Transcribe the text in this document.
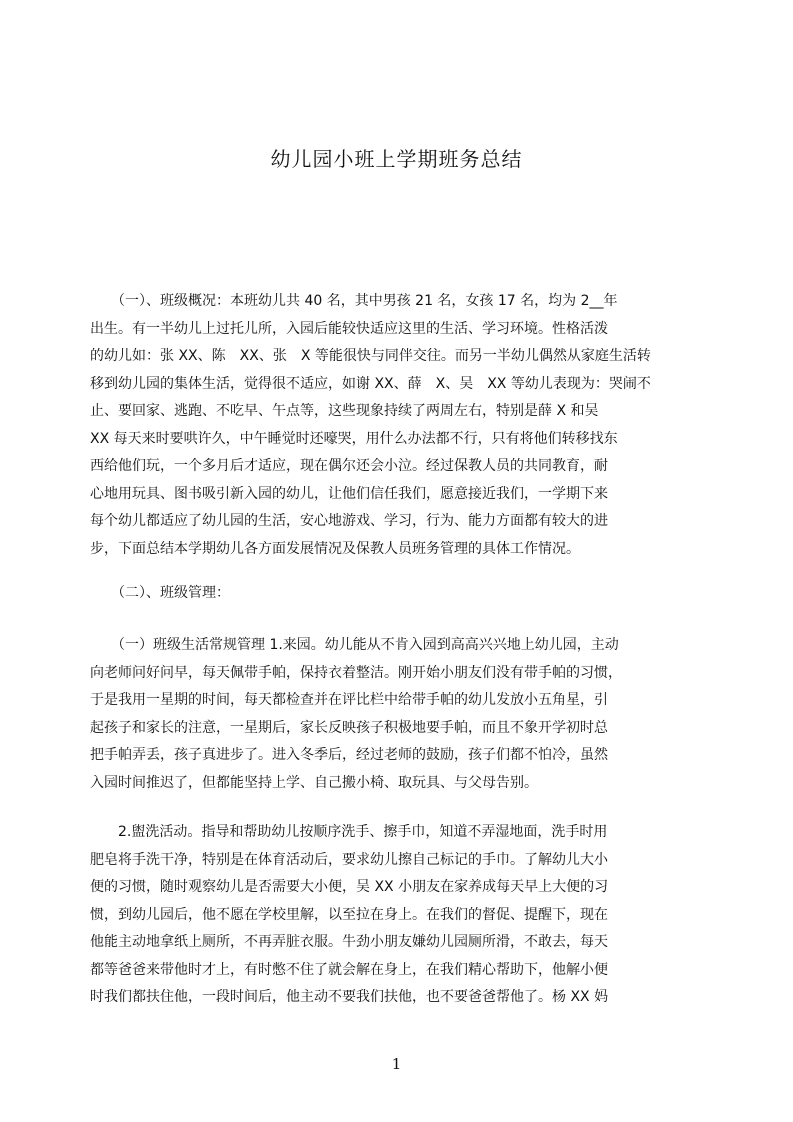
幼儿园小班上学期班务总结
　　（一）、班级概况：本班幼儿共 40 名，其中男孩 21 名，女孩 17 名，均为 2__年
出生。有一半幼儿上过托儿所，入园后能较快适应这里的生活、学习环境。性格活泼
的幼儿如：张 XX、陈　XX、张　X 等能很快与同伴交往。而另一半幼儿偶然从家庭生活转
移到幼儿园的集体生活，觉得很不适应，如谢 XX、薛　X、吴　XX 等幼儿表现为：哭闹不
止、要回家、逃跑、不吃早、午点等，这些现象持续了两周左右，特别是薛 X 和吴
XX 每天来时要哄许久，中午睡觉时还嚎哭，用什么办法都不行，只有将他们转移找东
西给他们玩，一个多月后才适应，现在偶尔还会小泣。经过保教人员的共同教育，耐
心地用玩具、图书吸引新入园的幼儿，让他们信任我们，愿意接近我们，一学期下来
每个幼儿都适应了幼儿园的生活，安心地游戏、学习，行为、能力方面都有较大的进
步，下面总结本学期幼儿各方面发展情况及保教人员班务管理的具体工作情况。
　　（二）、班级管理：
　　（一）班级生活常规管理 1.来园。幼儿能从不肯入园到高高兴兴地上幼儿园，主动
向老师问好问早，每天佩带手帕，保持衣着整洁。刚开始小朋友们没有带手帕的习惯，
于是我用一星期的时间，每天都检查并在评比栏中给带手帕的幼儿发放小五角星，引
起孩子和家长的注意，一星期后，家长反映孩子积极地要手帕，而且不象开学初时总
把手帕弄丢，孩子真进步了。进入冬季后，经过老师的鼓励，孩子们都不怕冷，虽然
入园时间推迟了，但都能坚持上学、自己搬小椅、取玩具、与父母告别。
　　2.盥洗活动。指导和帮助幼儿按顺序洗手、擦手巾，知道不弄湿地面，洗手时用
肥皂将手洗干净，特别是在体育活动后，要求幼儿擦自己标记的手巾。了解幼儿大小
便的习惯，随时观察幼儿是否需要大小便，吴 XX 小朋友在家养成每天早上大便的习
惯，到幼儿园后，他不愿在学校里解，以至拉在身上。在我们的督促、提醒下，现在
他能主动地拿纸上厕所，不再弄脏衣服。牛劲小朋友嫌幼儿园厕所滑，不敢去，每天
都等爸爸来带他时才上，有时憋不住了就会解在身上，在我们精心帮助下，他解小便
时我们都扶住他，一段时间后，他主动不要我们扶他，也不要爸爸帮他了。杨 XX 妈
1
